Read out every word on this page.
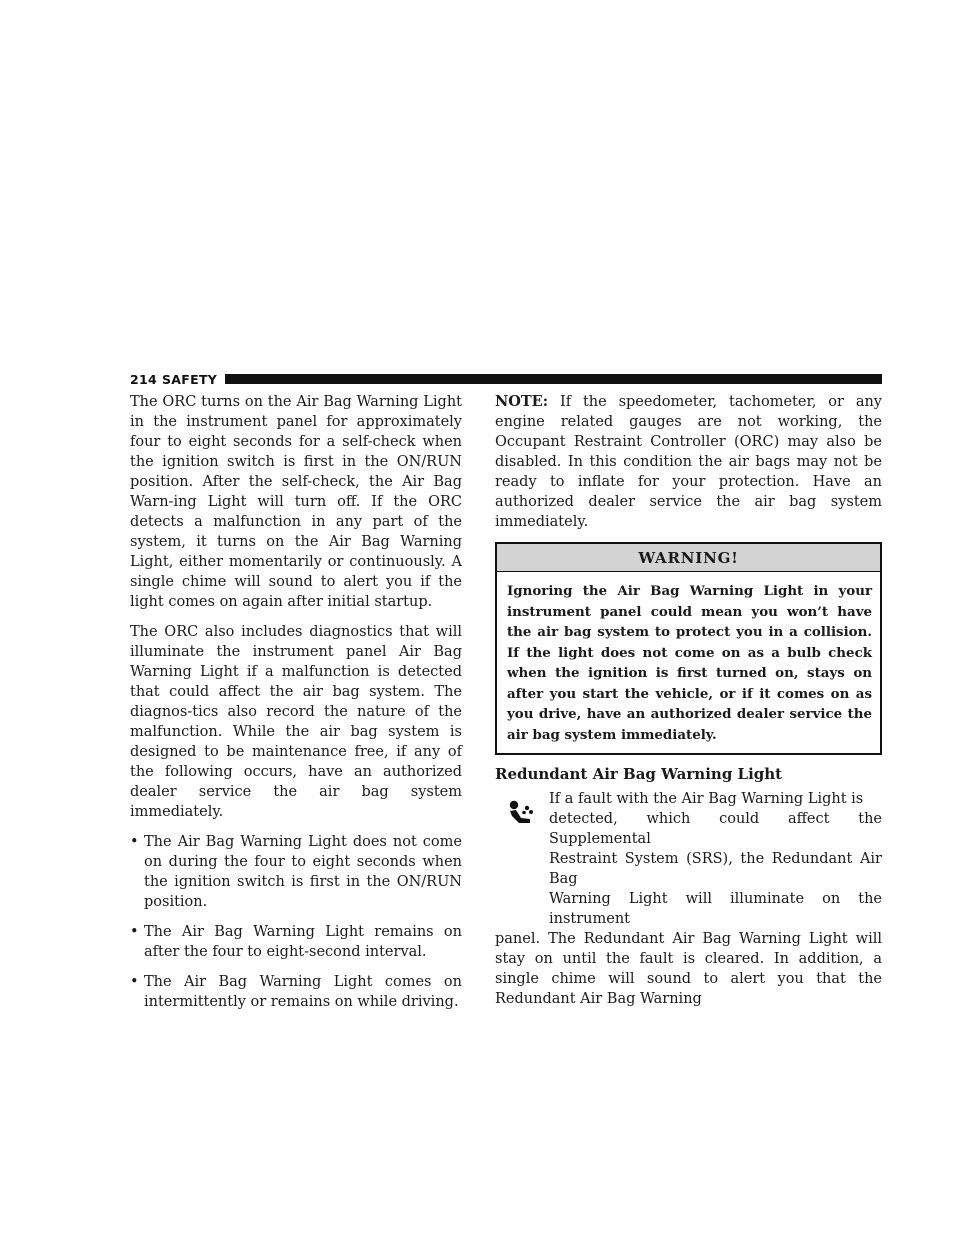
214 SAFETY

The ORC turns on the Air Bag Warning Light in the instrument panel for approximately four to eight seconds for a self-check when the ignition switch is first in the ON/RUN position. After the self-check, the Air Bag Warn-ing Light will turn off. If the ORC detects a malfunction in any part of the system, it turns on the Air Bag Warning Light, either momentarily or continuously. A single chime will sound to alert you if the light comes on again after initial startup.

The ORC also includes diagnostics that will illuminate the instrument panel Air Bag Warning Light if a malfunction is detected that could affect the air bag system. The diagnos-tics also record the nature of the malfunction. While the air bag system is designed to be maintenance free, if any of the following occurs, have an authorized dealer service the air bag system immediately.

• The Air Bag Warning Light does not come on during the four to eight seconds when the ignition switch is first in the ON/RUN position.
• The Air Bag Warning Light remains on after the four to eight-second interval.
• The Air Bag Warning Light comes on intermittently or remains on while driving.

NOTE: If the speedometer, tachometer, or any engine related gauges are not working, the Occupant Restraint Controller (ORC) may also be disabled. In this condition the air bags may not be ready to inflate for your protection. Have an authorized dealer service the air bag system immediately.

WARNING!
Ignoring the Air Bag Warning Light in your instrument panel could mean you won’t have the air bag system to protect you in a collision. If the light does not come on as a bulb check when the ignition is first turned on, stays on after you start the vehicle, or if it comes on as you drive, have an authorized dealer service the air bag system immediately.
Redundant Air Bag Warning Light

If a fault with the Air Bag Warning Light is

detected, which could affect the Supplemental

Restraint System (SRS), the Redundant Air Bag

Warning Light will illuminate on the instrument

panel. The Redundant Air Bag Warning Light will stay on until the fault is cleared. In addition, a single chime will sound to alert you that the Redundant Air Bag Warning
